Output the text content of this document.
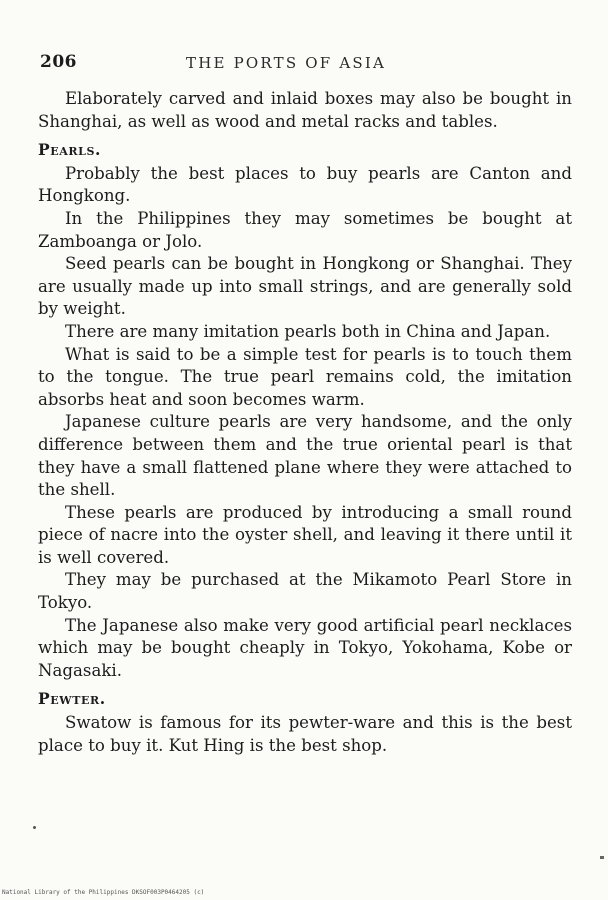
206	THE PORTS OF ASIA

Elaborately carved and inlaid boxes may also be bought in Shanghai, as well as wood and metal racks and tables.

Pearls.

Probably the best places to buy pearls are Canton and Hongkong.

In the Philippines they may sometimes be bought at Zamboanga or Jolo.

Seed pearls can be bought in Hongkong or Shanghai. They are usually made up into small strings, and are generally sold by weight.

There are many imitation pearls both in China and Japan.

What is said to be a simple test for pearls is to touch them to the tongue. The true pearl remains cold, the imitation absorbs heat and soon becomes warm.

Japanese culture pearls are very handsome, and the only difference between them and the true oriental pearl is that they have a small flattened plane where they were attached to the shell.

These pearls are produced by introducing a small round piece of nacre into the oyster shell, and leaving it there until it is well covered.

They may be purchased at the Mikamoto Pearl Store in Tokyo.

The Japanese also make very good artificial pearl necklaces which may be bought cheaply in Tokyo, Yokohama, Kobe or Nagasaki.

Pewter.

Swatow is famous for its pewter-ware and this is the best place to buy it. Kut Hing is the best shop.

National Library of the Philippines DKSOF003P0464205 (c)
